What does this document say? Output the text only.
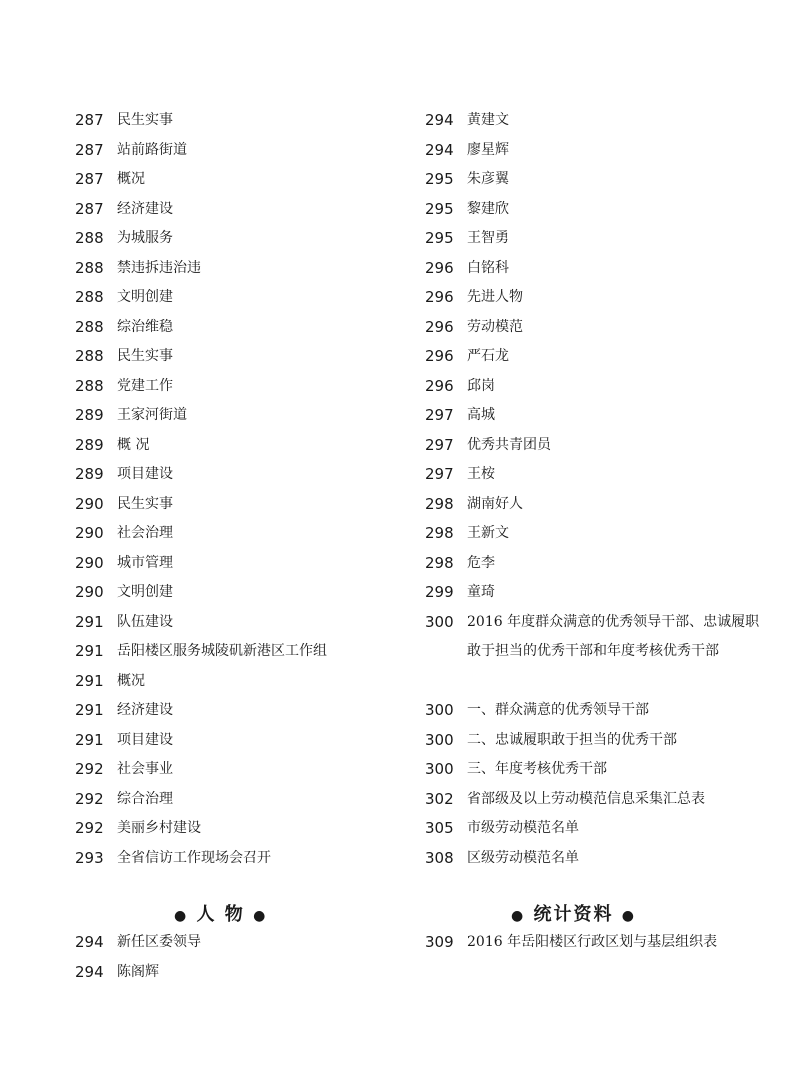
287 民生实事
287 站前路街道
287 概况
287 经济建设
288 为城服务
288 禁违拆违治违
288 文明创建
288 综治维稳
288 民生实事
288 党建工作
289 王家河街道
289 概 况
289 项目建设
290 民生实事
290 社会治理
290 城市管理
290 文明创建
291 队伍建设
291 岳阳楼区服务城陵矶新港区工作组
291 概况
291 经济建设
291 项目建设
292 社会事业
292 综合治理
292 美丽乡村建设
293 全省信访工作现场会召开
● 人 物 ●
294 新任区委领导
294 陈阁辉
294 黄建文
294 廖星辉
295 朱彦翼
295 黎建欣
295 王智勇
296 白铭科
296 先进人物
296 劳动模范
296 严石龙
296 邱岗
297 高城
297 优秀共青团员
297 王桉
298 湖南好人
298 王新文
298 危李
299 童琦
300 2016 年度群众满意的优秀领导干部、忠诚履职敢于担当的优秀干部和年度考核优秀干部
300 一、群众满意的优秀领导干部
300 二、忠诚履职敢于担当的优秀干部
300 三、年度考核优秀干部
302 省部级及以上劳动模范信息采集汇总表
305 市级劳动模范名单
308 区级劳动模范名单
● 统计资料 ●
309 2016 年岳阳楼区行政区划与基层组织表
